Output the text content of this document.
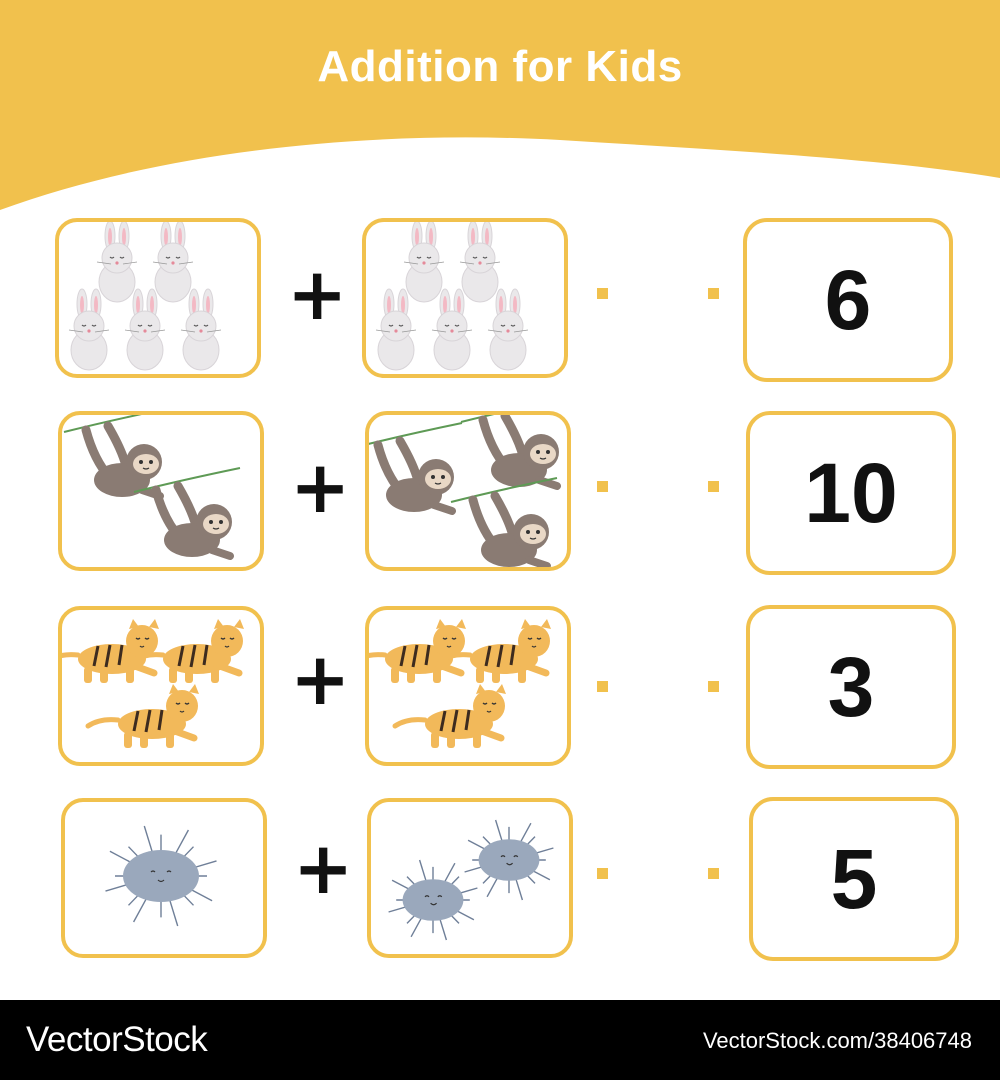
Addition for Kids
+	6
+	10
+	3
+	5
VectorStock	VectorStock.com/38406748
